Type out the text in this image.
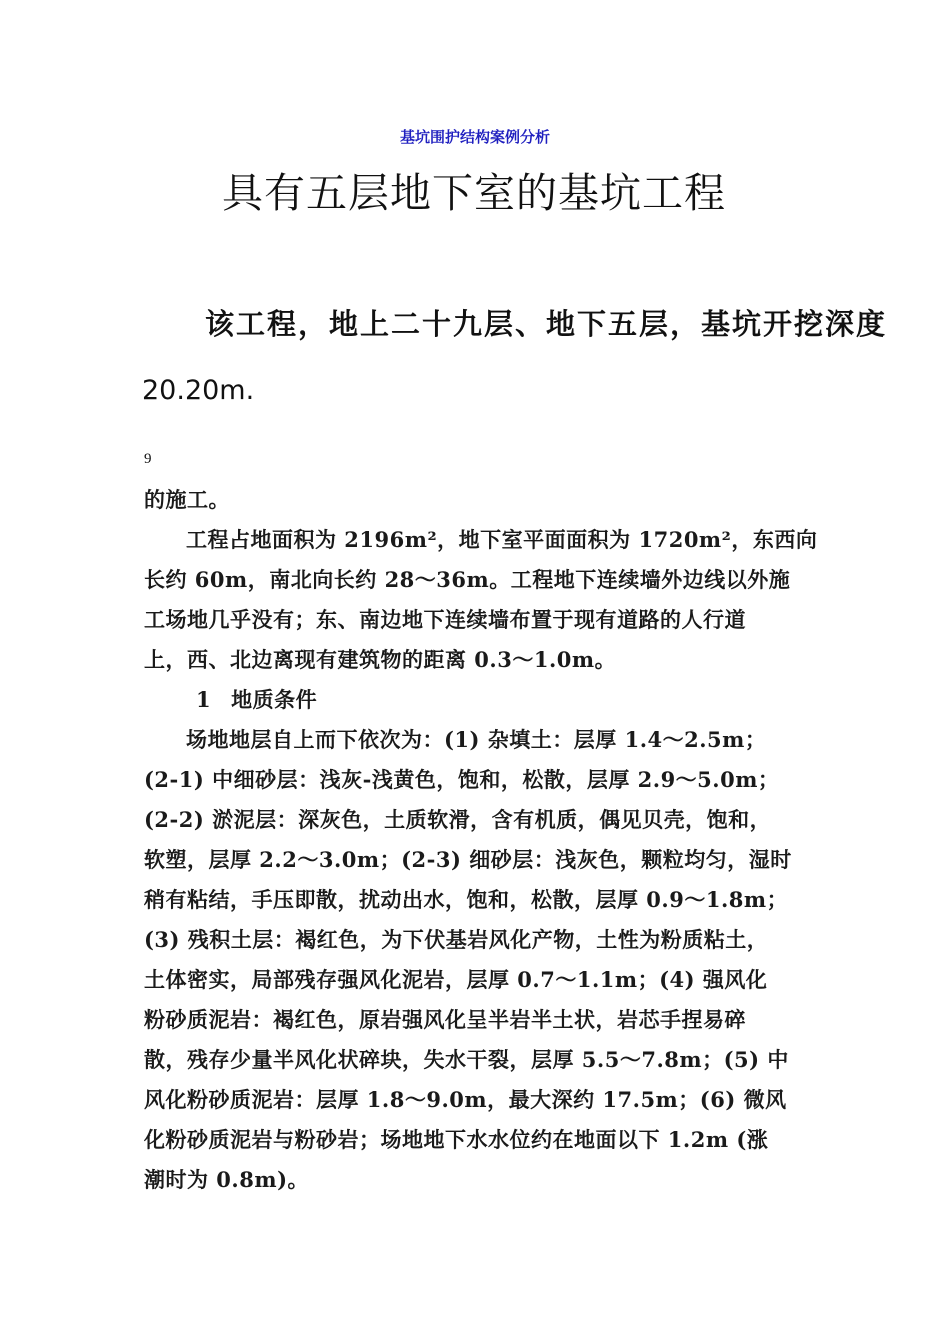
基坑围护结构案例分析
具有五层地下室的基坑工程
该工程，地上二十九层、地下五层，基坑开挖深度
20.20m.
9
的施工。
工程占地面积为 2196m²，地下室平面面积为 1720m²，东西向
长约 60m，南北向长约 28～36m。工程地下连续墙外边线以外施
工场地几乎没有；东、南边地下连续墙布置于现有道路的人行道
上，西、北边离现有建筑物的距离 0.3～1.0m。
1 地质条件
场地地层自上而下依次为：(1) 杂填土：层厚 1.4～2.5m；
(2-1) 中细砂层：浅灰-浅黄色，饱和，松散，层厚 2.9～5.0m；
(2-2) 淤泥层：深灰色，土质软滑，含有机质，偶见贝壳，饱和，
软塑，层厚 2.2～3.0m；(2-3) 细砂层：浅灰色，颗粒均匀，湿时
稍有粘结，手压即散，扰动出水，饱和，松散，层厚 0.9～1.8m；
(3) 残积土层：褐红色，为下伏基岩风化产物，土性为粉质粘土，
土体密实，局部残存强风化泥岩，层厚 0.7～1.1m；(4) 强风化
粉砂质泥岩：褐红色，原岩强风化呈半岩半土状，岩芯手捏易碎
散，残存少量半风化状碎块，失水干裂，层厚 5.5～7.8m；(5) 中
风化粉砂质泥岩：层厚 1.8～9.0m，最大深约 17.5m；(6) 微风
化粉砂质泥岩与粉砂岩；场地地下水水位约在地面以下 1.2m (涨
潮时为 0.8m)。
